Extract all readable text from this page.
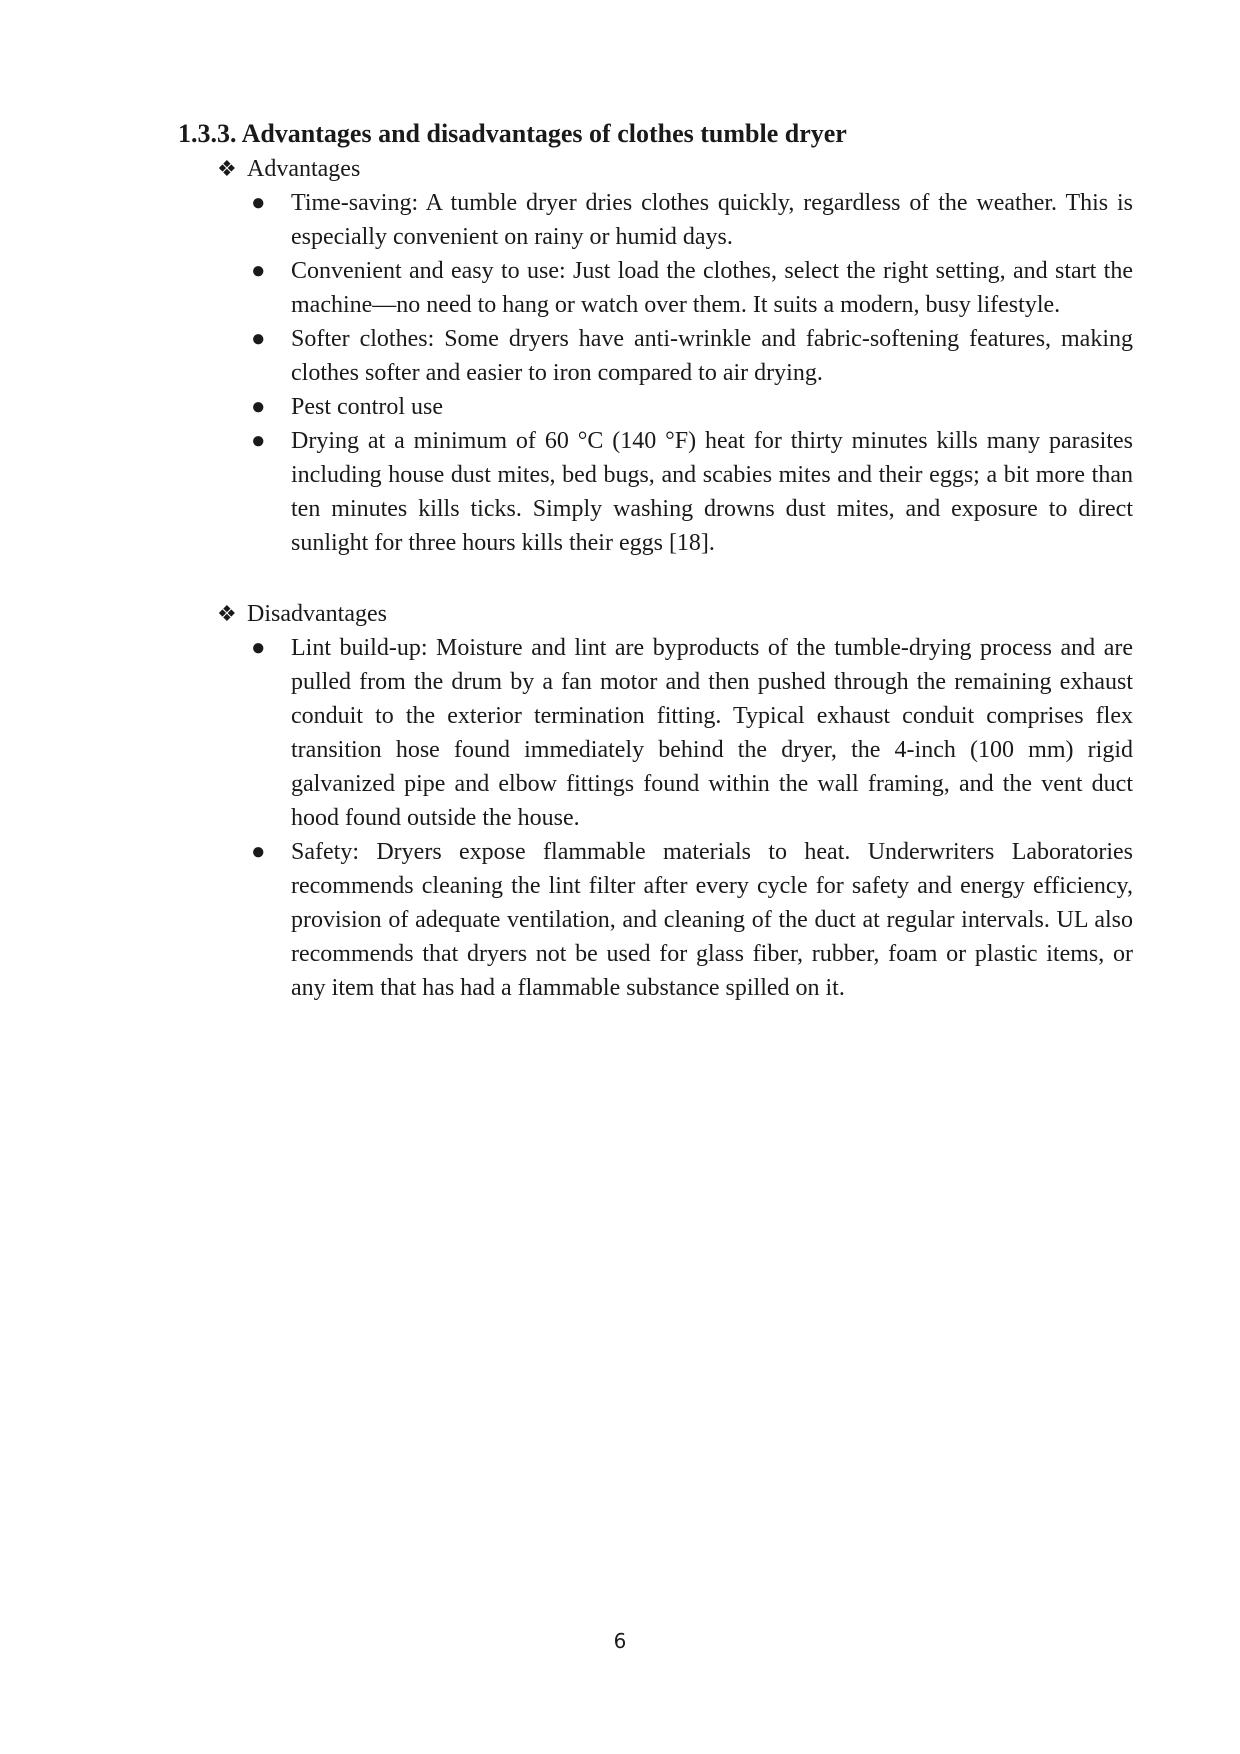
1.3.3. Advantages and disadvantages of clothes tumble dryer
❖ Advantages
● Time-saving: A tumble dryer dries clothes quickly, regardless of the weather. This is especially convenient on rainy or humid days.
● Convenient and easy to use: Just load the clothes, select the right setting, and start the machine—no need to hang or watch over them. It suits a modern, busy lifestyle.
● Softer clothes: Some dryers have anti-wrinkle and fabric-softening features, making clothes softer and easier to iron compared to air drying.
● Pest control use
● Drying at a minimum of 60 °C (140 °F) heat for thirty minutes kills many parasites including house dust mites, bed bugs, and scabies mites and their eggs; a bit more than ten minutes kills ticks. Simply washing drowns dust mites, and exposure to direct sunlight for three hours kills their eggs [18].
❖ Disadvantages
● Lint build-up: Moisture and lint are byproducts of the tumble-drying process and are pulled from the drum by a fan motor and then pushed through the remaining exhaust conduit to the exterior termination fitting. Typical exhaust conduit comprises flex transition hose found immediately behind the dryer, the 4-inch (100 mm) rigid galvanized pipe and elbow fittings found within the wall framing, and the vent duct hood found outside the house.
● Safety: Dryers expose flammable materials to heat. Underwriters Laboratories recommends cleaning the lint filter after every cycle for safety and energy efficiency, provision of adequate ventilation, and cleaning of the duct at regular intervals. UL also recommends that dryers not be used for glass fiber, rubber, foam or plastic items, or any item that has had a flammable substance spilled on it.
6
